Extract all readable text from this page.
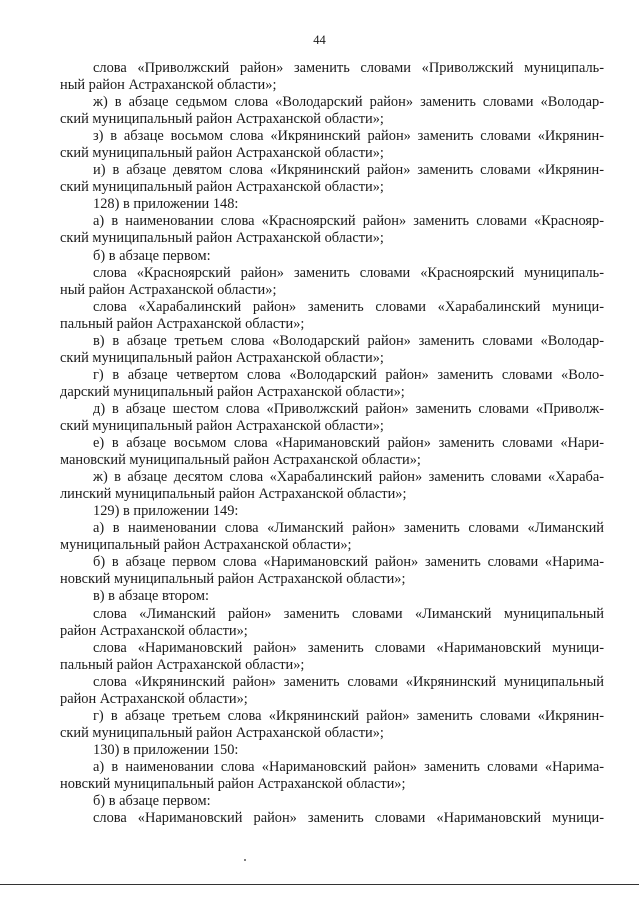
44
слова «Приволжский район» заменить словами «Приволжский муниципаль-
ный район Астраханской области»;
ж) в абзаце седьмом слова «Володарский район» заменить словами «Володар-
ский муниципальный район Астраханской области»;
з) в абзаце восьмом слова «Икрянинский район» заменить словами «Икрянин-
ский муниципальный район Астраханской области»;
и) в абзаце девятом слова «Икрянинский район» заменить словами «Икрянин-
ский муниципальный район Астраханской области»;
128) в приложении 148:
а) в наименовании слова «Красноярский район» заменить словами «Краснояр-
ский муниципальный район Астраханской области»;
б) в абзаце первом:
слова «Красноярский район» заменить словами «Красноярский муниципаль-
ный район Астраханской области»;
слова «Харабалинский район» заменить словами «Харабалинский муници-
пальный район Астраханской области»;
в) в абзаце третьем слова «Володарский район» заменить словами «Володар-
ский муниципальный район Астраханской области»;
г) в абзаце четвертом слова «Володарский район» заменить словами «Воло-
дарский муниципальный район Астраханской области»;
д) в абзаце шестом слова «Приволжский район» заменить словами «Приволж-
ский муниципальный район Астраханской области»;
е) в абзаце восьмом слова «Наримановский район» заменить словами «Нари-
мановский муниципальный район Астраханской области»;
ж) в абзаце десятом слова «Харабалинский район» заменить словами «Хараба-
линский муниципальный район Астраханской области»;
129) в приложении 149:
а) в наименовании слова «Лиманский район» заменить словами «Лиманский
муниципальный район Астраханской области»;
б) в абзаце первом слова «Наримановский район» заменить словами «Нарима-
новский муниципальный район Астраханской области»;
в) в абзаце втором:
слова «Лиманский район» заменить словами «Лиманский муниципальный
район Астраханской области»;
слова «Наримановский район» заменить словами «Наримановский муници-
пальный район Астраханской области»;
слова «Икрянинский район» заменить словами «Икрянинский муниципальный
район Астраханской области»;
г) в абзаце третьем слова «Икрянинский район» заменить словами «Икрянин-
ский муниципальный район Астраханской области»;
130) в приложении 150:
а) в наименовании слова «Наримановский район» заменить словами «Нарима-
новский муниципальный район Астраханской области»;
б) в абзаце первом:
слова «Наримановский район» заменить словами «Наримановский муници-
